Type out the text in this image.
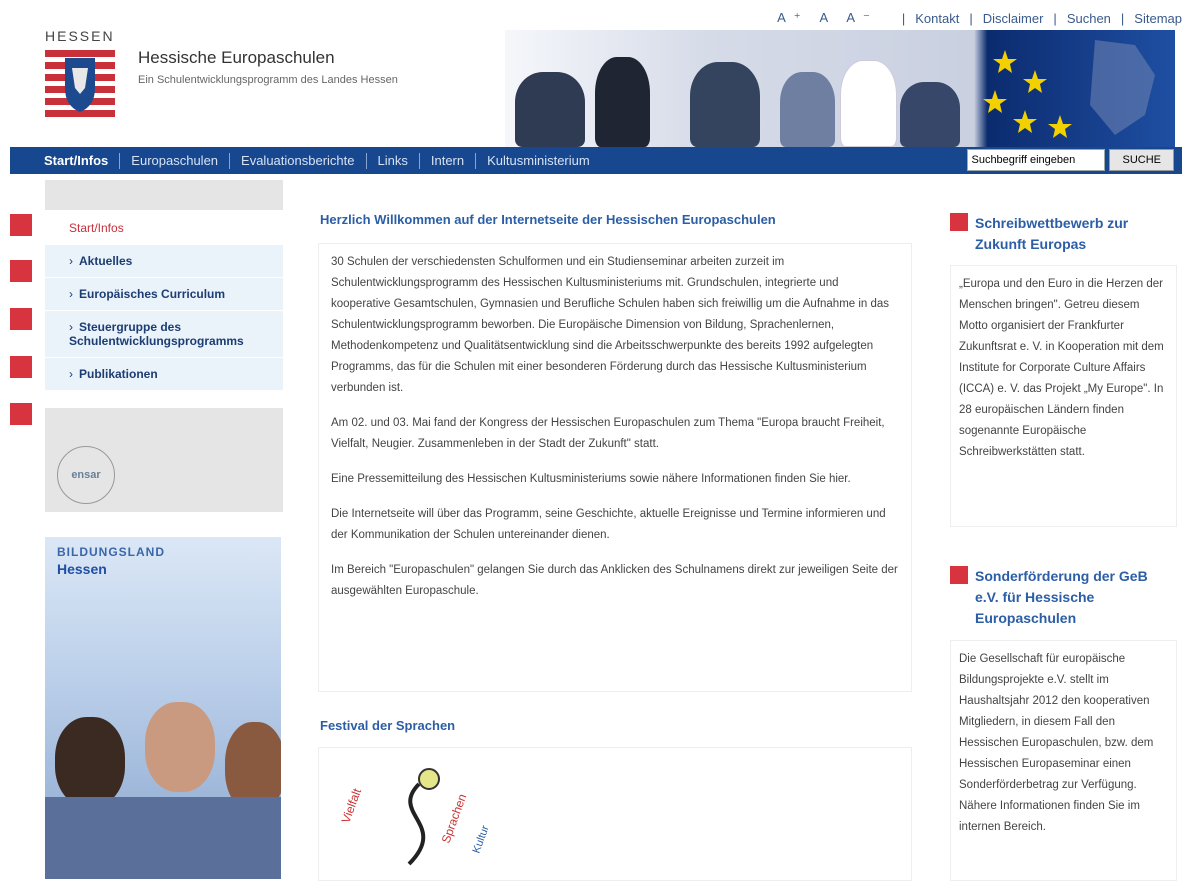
A⁺ A A⁻	| Kontakt | Disclaimer | Suchen | Sitemap
HESSEN
Hessische Europaschulen
Ein Schulentwicklungsprogramm des Landes Hessen
Start/Infos	Europaschulen	Evaluationsberichte	Links	Intern	Kultusministerium
Suchbegriff eingeben	SUCHE
Start/Infos
› Aktuelles
› Europäisches Curriculum
› Steuergruppe des Schulentwicklungsprogramms
› Publikationen
ensar
BILDUNGSLAND
Hessen
Herzlich Willkommen auf der Internetseite der Hessischen Europaschulen

30 Schulen der verschiedensten Schulformen und ein Studienseminar arbeiten zurzeit im Schulentwicklungsprogramm des Hessischen Kultusministeriums mit. Grundschulen, integrierte und kooperative Gesamtschulen, Gymnasien und Berufliche Schulen haben sich freiwillig um die Aufnahme in das Schulentwicklungsprogramm beworben. Die Europäische Dimension von Bildung, Sprachenlernen, Methodenkompetenz und Qualitätsentwicklung sind die Arbeitsschwerpunkte des bereits 1992 aufgelegten Programms, das für die Schulen mit einer besonderen Förderung durch das Hessische Kultusministerium verbunden ist.

Am 02. und 03. Mai fand der Kongress der Hessischen Europaschulen zum Thema "Europa braucht Freiheit, Vielfalt, Neugier. Zusammenleben in der Stadt der Zukunft" statt.

Eine Pressemitteilung des Hessischen Kultusministeriums sowie nähere Informationen finden Sie hier.

Die Internetseite will über das Programm, seine Geschichte, aktuelle Ereignisse und Termine informieren und der Kommunikation der Schulen untereinander dienen.

Im Bereich "Europaschulen" gelangen Sie durch das Anklicken des Schulnamens direkt zur jeweiligen Seite der ausgewählten Europaschule.

Festival der Sprachen
Vielfalt	Sprachen Kultur
Schreibwettbewerb zur Zukunft Europas

„Europa und den Euro in die Herzen der Menschen bringen". Getreu diesem Motto organisiert der Frankfurter Zukunftsrat e. V. in Kooperation mit dem Institute for Corporate Culture Affairs (ICCA) e. V. das Projekt „My Europe". In 28 europäischen Ländern finden sogenannte Europäische Schreibwerkstätten statt.

Sonderförderung der GeB e.V. für Hessische Europaschulen

Die Gesellschaft für europäische Bildungsprojekte e.V. stellt im Haushaltsjahr 2012 den kooperativen Mitgliedern, in diesem Fall den Hessischen Europaschulen, bzw. dem Hessischen Europaseminar einen Sonderförderbetrag zur Verfügung. Nähere Informationen finden Sie im internen Bereich.
